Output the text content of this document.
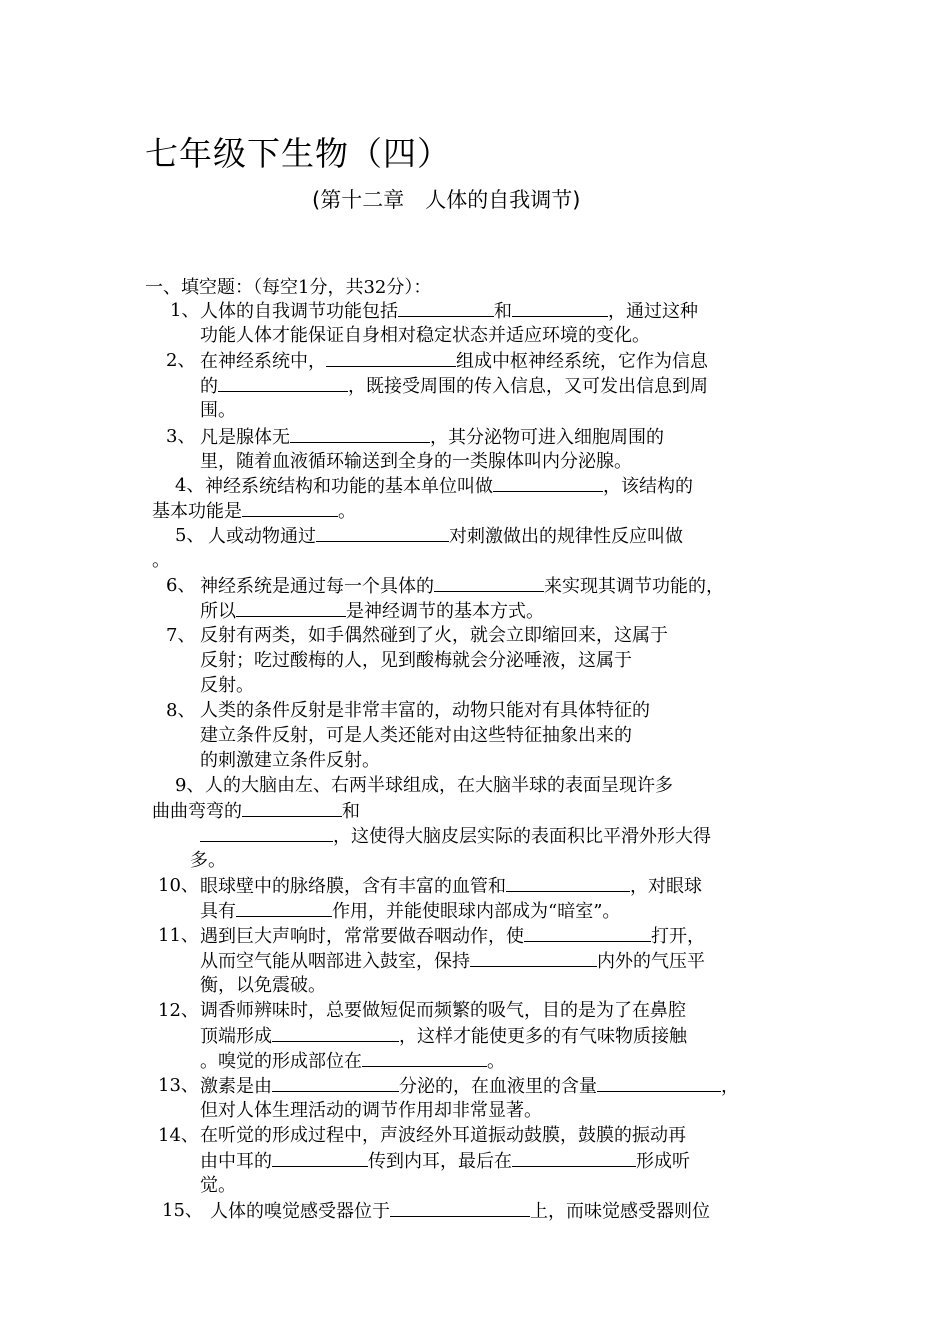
七年级下生物（四）
(第十二章　人体的自我调节)
一、填空题：（每空1分，共32分）：
1、 人体的自我调节功能包括	和	，通过这种
功能人体才能保证自身相对稳定状态并适应环境的变化。
2、 在神经系统中，	组成中枢神经系统，它作为信息
的	，既接受周围的传入信息，又可发出信息到周
围。
3、 凡是腺体无	，其分泌物可进入细胞周围的
里，随着血液循环输送到全身的一类腺体叫内分泌腺。
4、 神经系统结构和功能的基本单位叫做	，该结构的
基本功能是	。
5、 人或动物通过	对刺激做出的规律性反应叫做
。
6、 神经系统是通过每一个具体的	来实现其调节功能的，
所以	是神经调节的基本方式。
7、 反射有两类，如手偶然碰到了火，就会立即缩回来，这属于
反射；吃过酸梅的人，见到酸梅就会分泌唾液，这属于
反射。
8、 人类的条件反射是非常丰富的，动物只能对有具体特征的
建立条件反射，可是人类还能对由这些特征抽象出来的
的刺激建立条件反射。
9、 人的大脑由左、右两半球组成，在大脑半球的表面呈现许多
曲曲弯弯的	和
，这使得大脑皮层实际的表面积比平滑外形大得
多。
10、 眼球壁中的脉络膜，含有丰富的血管和	，对眼球
具有	作用，并能使眼球内部成为“暗室”。
11、 遇到巨大声响时，常常要做吞咽动作，使	打开，
从而空气能从咽部进入鼓室，保持	内外的气压平
衡，以免震破。
12、 调香师辨味时，总要做短促而频繁的吸气，目的是为了在鼻腔
顶端形成	，这样才能使更多的有气味物质接触
。嗅觉的形成部位在	。
13、 激素是由	分泌的，在血液里的含量	，
但对人体生理活动的调节作用却非常显著。
14、 在听觉的形成过程中，声波经外耳道振动鼓膜，鼓膜的振动再
由中耳的	传到内耳，最后在	形成听
觉。
15、 人体的嗅觉感受器位于	上，而味觉感受器则位
